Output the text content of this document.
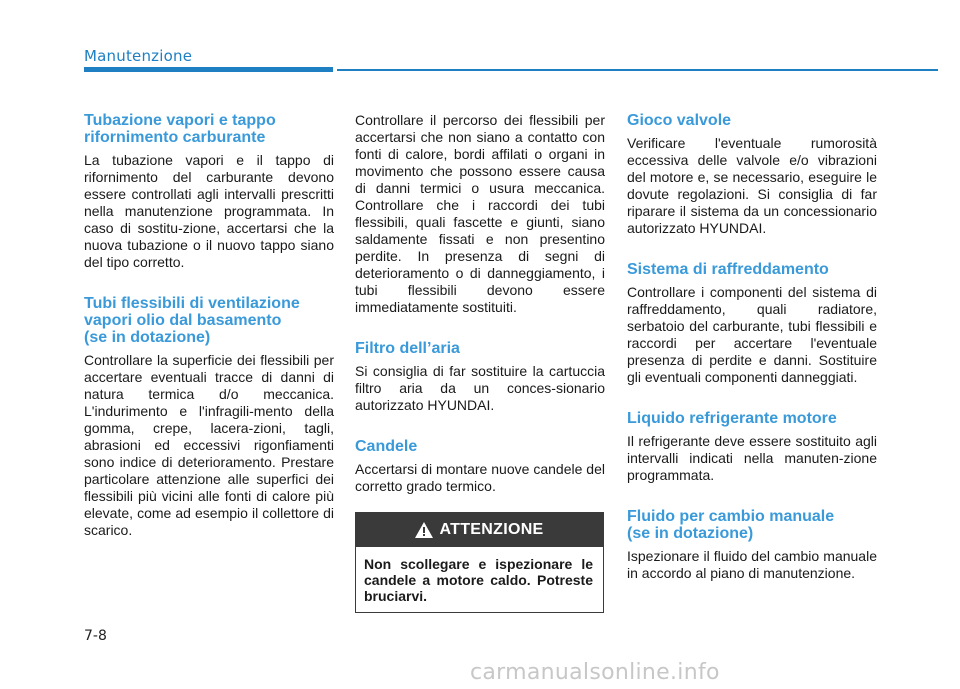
Manutenzione
Tubazione vapori e tappo
rifornimento carburante

La tubazione vapori e il tappo di rifornimento del carburante devono essere controllati agli intervalli prescritti nella manutenzione programmata. In caso di sostitu-zione, accertarsi che la nuova tubazione o il nuovo tappo siano del tipo corretto.

Tubi flessibili di ventilazione
vapori olio dal basamento
(se in dotazione)

Controllare la superficie dei flessibili per accertare eventuali tracce di danni di natura termica d/o meccanica. L'indurimento e l'infragili-mento della gomma, crepe, lacera-zioni, tagli, abrasioni ed eccessivi rigonfiamenti sono indice di deterioramento. Prestare particolare attenzione alle superfici dei flessibili più vicini alle fonti di calore più elevate, come ad esempio il collettore di scarico.

Controllare il percorso dei flessibili per accertarsi che non siano a contatto con fonti di calore, bordi affilati o organi in movimento che possono essere causa di danni termici o usura meccanica. Controllare che i raccordi dei tubi flessibili, quali fascette e giunti, siano saldamente fissati e non presentino perdite. In presenza di segni di deterioramento o di danneggiamento, i tubi flessibili devono essere immediatamente sostituiti.

Filtro dell’aria

Si consiglia di far sostituire la cartuccia filtro aria da un conces-sionario autorizzato HYUNDAI.

Candele

Accertarsi di montare nuove candele del corretto grado termico.

ATTENZIONE
Non scollegare e ispezionare le candele a motore caldo. Potreste bruciarvi.
Gioco valvole

Verificare l'eventuale rumorosità eccessiva delle valvole e/o vibrazioni del motore e, se necessario, eseguire le dovute regolazioni. Si consiglia di far riparare il sistema da un concessionario autorizzato HYUNDAI.

Sistema di raffreddamento

Controllare i componenti del sistema di raffreddamento, quali radiatore, serbatoio del carburante, tubi flessibili e raccordi per accertare l'eventuale presenza di perdite e danni. Sostituire gli eventuali componenti danneggiati.

Liquido refrigerante motore

Il refrigerante deve essere sostituito agli intervalli indicati nella manuten-zione programmata.

Fluido per cambio manuale
(se in dotazione)

Ispezionare il fluido del cambio manuale in accordo al piano di manutenzione.

7-8
carmanualsonline.info
